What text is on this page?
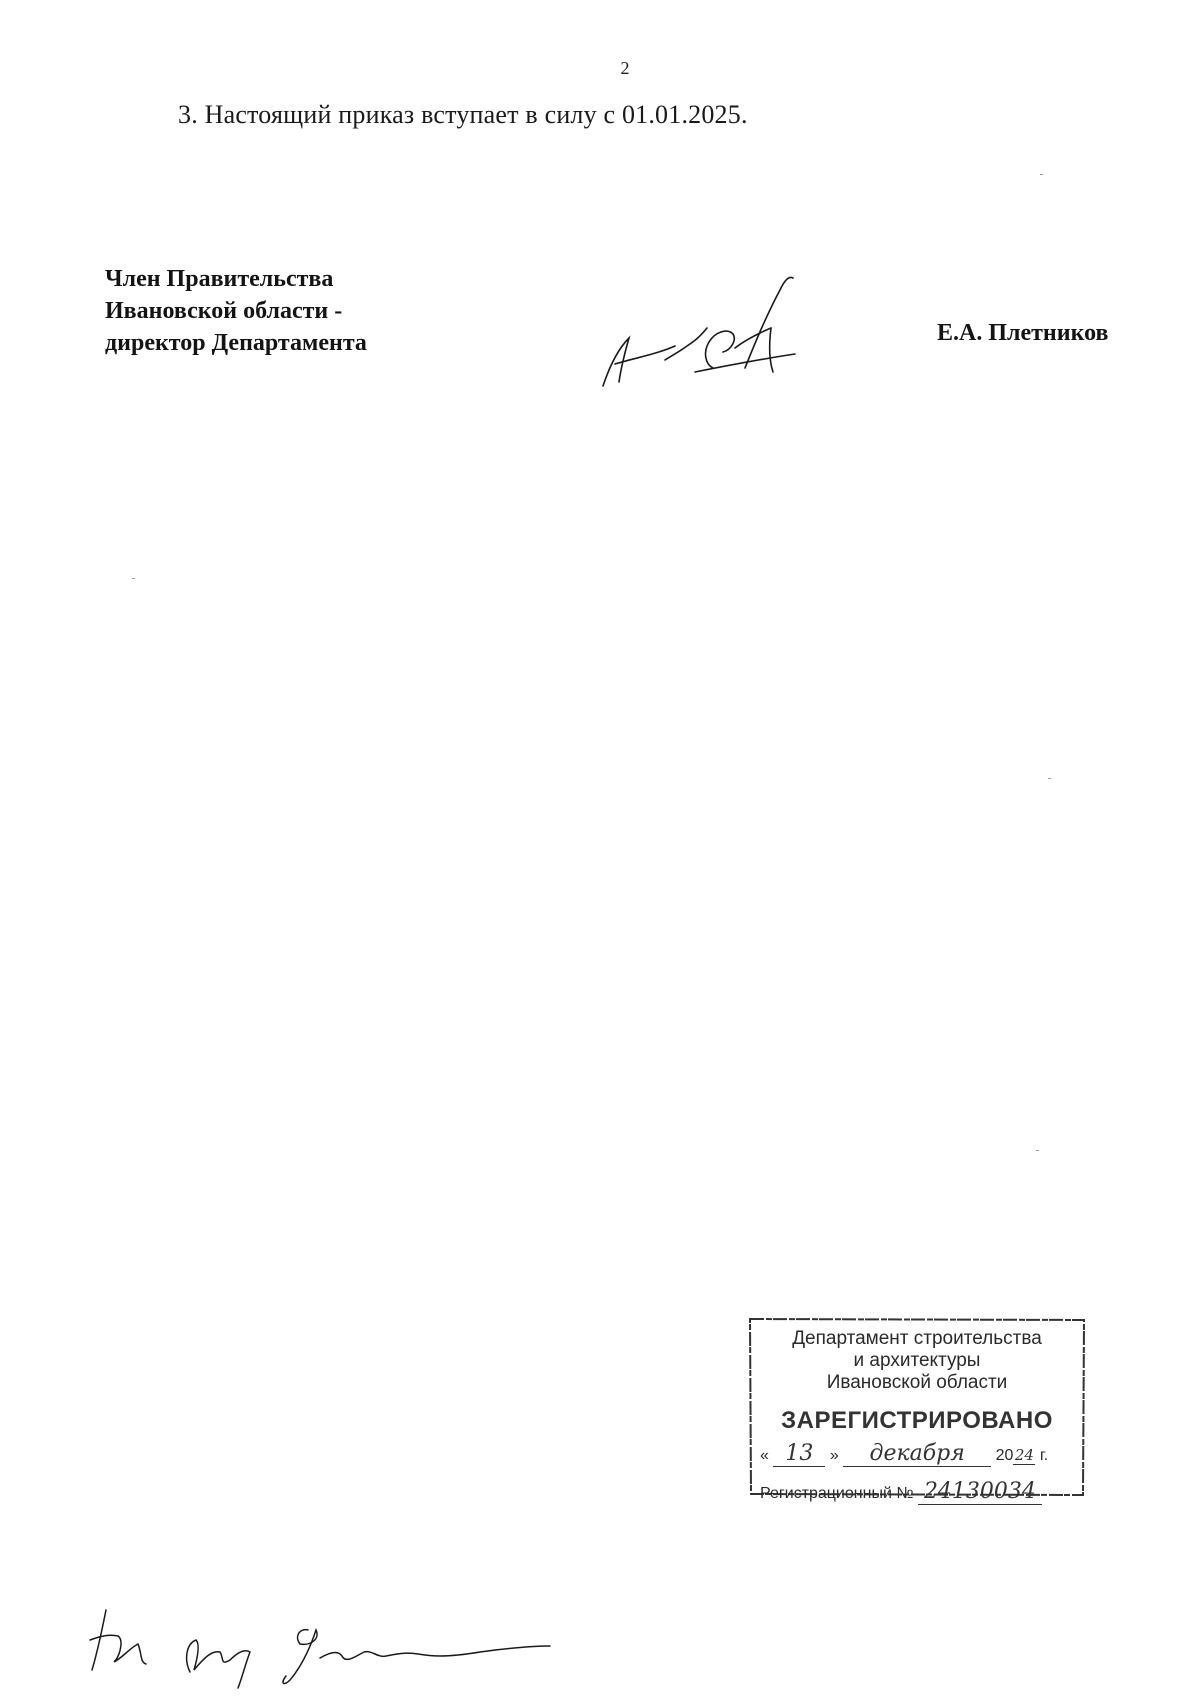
2
3. Настоящий приказ вступает в силу с 01.01.2025.
Член Правительства
Ивановской области -
директор Департамента	Е.А. Плетников
Департамент строительства
и архитектуры
Ивановской области
ЗАРЕГИСТРИРОВАНО
« 13 » декабря 2024 г.
Регистрационный № 24130034
